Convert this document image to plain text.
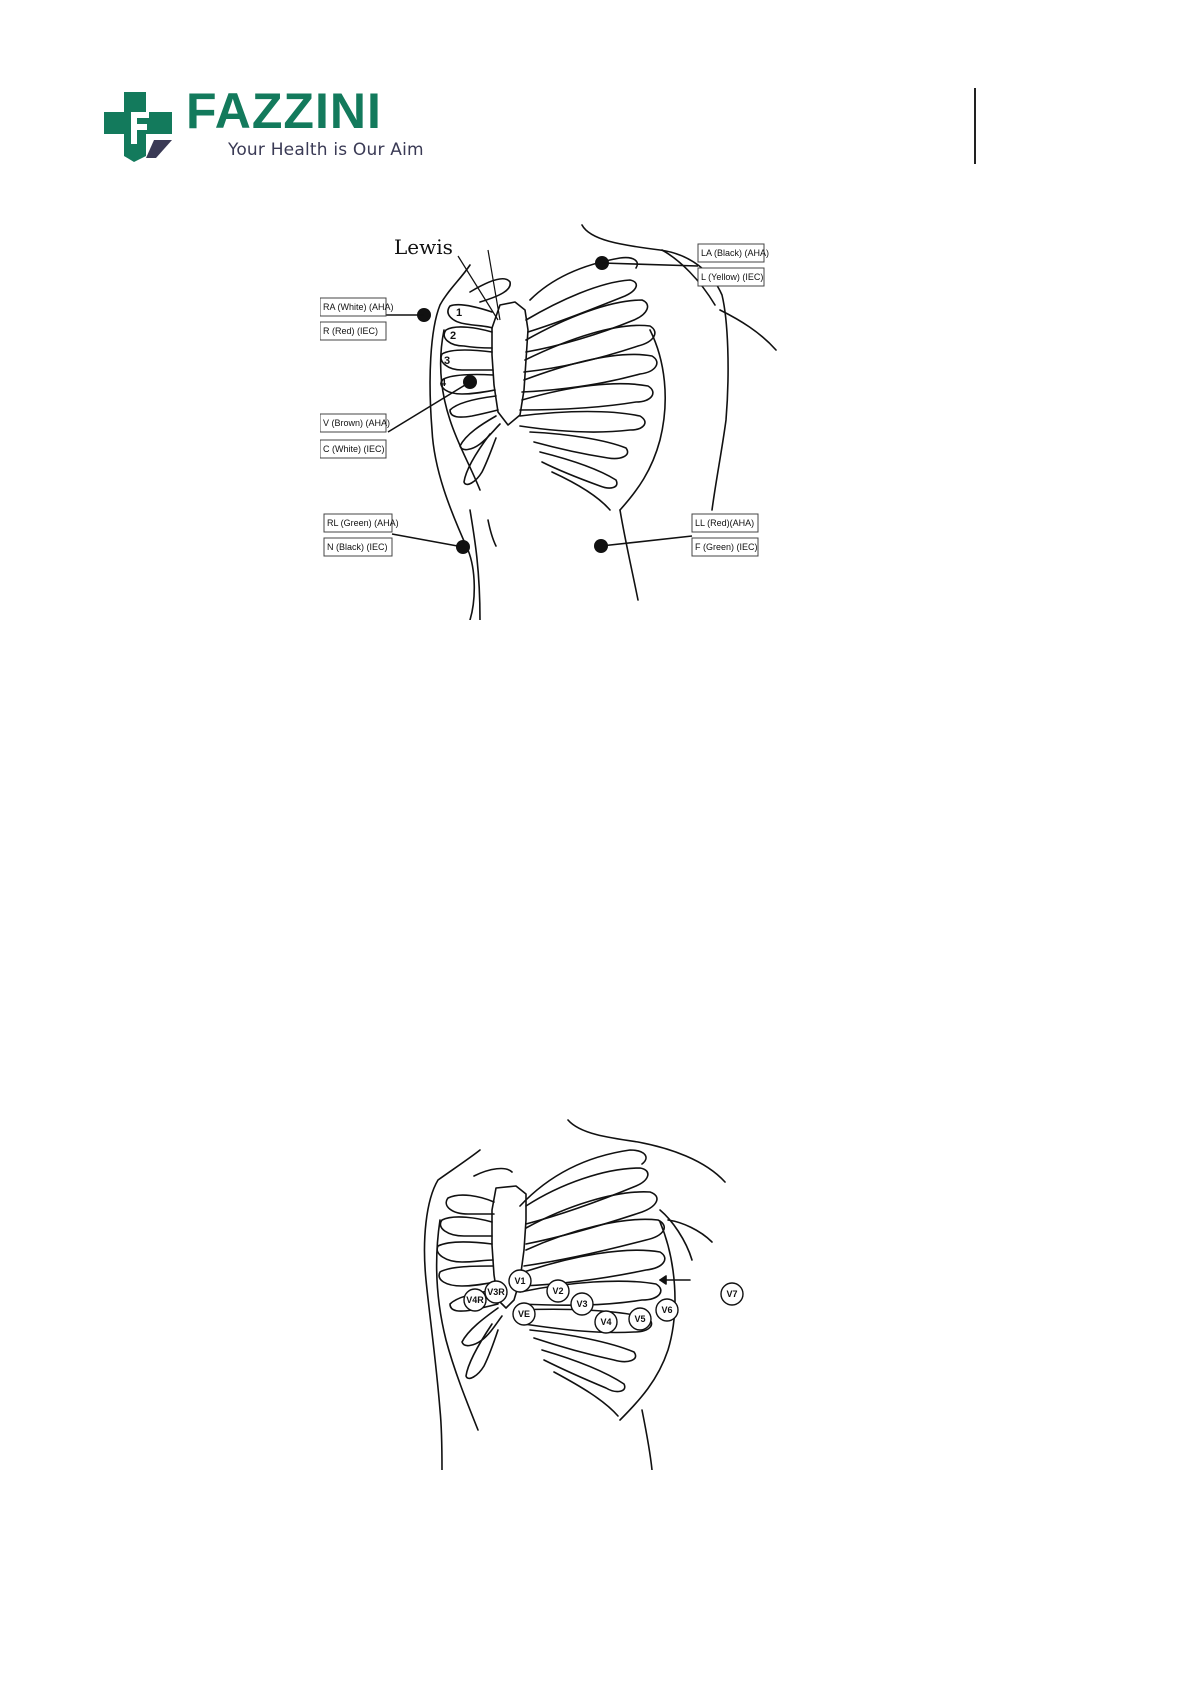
FAZZINI
Your Health is Our Aim
1
2
3
4
Lewis
RA (White) (AHA)
R (Red) (IEC)
LA (Black) (AHA)
L (Yellow) (IEC)
V (Brown) (AHA)
C (White) (IEC)
RL (Green) (AHA)
N (Black) (IEC)
LL (Red)(AHA)
F (Green) (IEC)
V1
V3R
V4R
VE
V2
V3
V4	V5
V6
V7
